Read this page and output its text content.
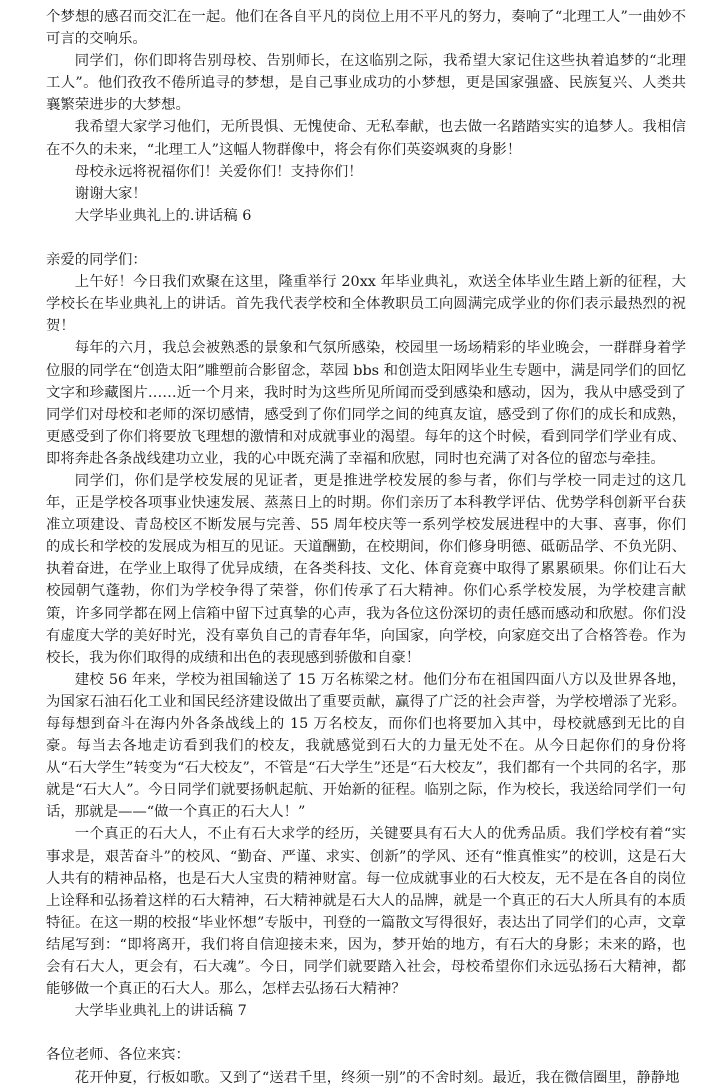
个梦想的感召而交汇在一起。他们在各自平凡的岗位上用不平凡的努力，奏响了“北理工人”一曲妙不可言的交响乐。

同学们，你们即将告别母校、告别师长，在这临别之际，我希望大家记住这些执着追梦的“北理工人”。他们孜孜不倦所追寻的梦想，是自己事业成功的小梦想，更是国家强盛、民族复兴、人类共襄繁荣进步的大梦想。

我希望大家学习他们，无所畏惧、无愧使命、无私奉献，也去做一名踏踏实实的追梦人。我相信在不久的未来，“北理工人”这幅人物群像中，将会有你们英姿飒爽的身影！

母校永远将祝福你们！关爱你们！支持你们！

谢谢大家！

大学毕业典礼上的.讲话稿 6

亲爱的同学们：

上午好！今日我们欢聚在这里，隆重举行 20xx 年毕业典礼，欢送全体毕业生踏上新的征程，大学校长在毕业典礼上的讲话。首先我代表学校和全体教职员工向圆满完成学业的你们表示最热烈的祝贺！

每年的六月，我总会被熟悉的景象和气氛所感染，校园里一场场精彩的毕业晚会，一群群身着学位服的同学在“创造太阳”雕塑前合影留念，萃园 bbs 和创造太阳网毕业生专题中，满是同学们的回忆文字和珍藏图片……近一个月来，我时时为这些所见所闻而受到感染和感动，因为，我从中感受到了同学们对母校和老师的深切感情，感受到了你们同学之间的纯真友谊，感受到了你们的成长和成熟，更感受到了你们将要放飞理想的激情和对成就事业的渴望。每年的这个时候，看到同学们学业有成、即将奔赴各条战线建功立业，我的心中既充满了幸福和欣慰，同时也充满了对各位的留恋与牵挂。

同学们，你们是学校发展的见证者，更是推进学校发展的参与者，你们与学校一同走过的这几年，正是学校各项事业快速发展、蒸蒸日上的时期。你们亲历了本科教学评估、优势学科创新平台获准立项建设、青岛校区不断发展与完善、55 周年校庆等一系列学校发展进程中的大事、喜事，你们的成长和学校的发展成为相互的见证。天道酬勤，在校期间，你们修身明德、砥砺品学、不负光阴、执着奋进，在学业上取得了优异成绩，在各类科技、文化、体育竞赛中取得了累累硕果。你们让石大校园朝气蓬勃，你们为学校争得了荣誉，你们传承了石大精神。你们心系学校发展，为学校建言献策，许多同学都在网上信箱中留下过真挚的心声，我为各位这份深切的责任感而感动和欣慰。你们没有虚度大学的美好时光，没有辜负自己的青春年华，向国家，向学校，向家庭交出了合格答卷。作为校长，我为你们取得的成绩和出色的表现感到骄傲和自豪！

建校 56 年来，学校为祖国输送了 15 万名栋梁之材。他们分布在祖国四面八方以及世界各地，为国家石油石化工业和国民经济建设做出了重要贡献，赢得了广泛的社会声誉，为学校增添了光彩。每每想到奋斗在海内外各条战线上的 15 万名校友，而你们也将要加入其中，母校就感到无比的自豪。每当去各地走访看到我们的校友，我就感觉到石大的力量无处不在。从今日起你们的身份将从“石大学生”转变为“石大校友”，不管是“石大学生”还是“石大校友”，我们都有一个共同的名字，那就是“石大人”。今日同学们就要扬帆起航、开始新的征程。临别之际，作为校长，我送给同学们一句话，那就是——“做一个真正的石大人！”

一个真正的石大人，不止有石大求学的经历，关键要具有石大人的优秀品质。我们学校有着“实事求是，艰苦奋斗”的校风、“勤奋、严谨、求实、创新”的学风、还有“惟真惟实”的校训，这是石大人共有的精神品格，也是石大人宝贵的精神财富。每一位成就事业的石大校友，无不是在各自的岗位上诠释和弘扬着这样的石大精神，石大精神就是石大人的品牌，就是一个真正的石大人所具有的本质特征。在这一期的校报“毕业怀想”专版中，刊登的一篇散文写得很好，表达出了同学们的心声，文章结尾写到：“即将离开，我们将自信迎接未来，因为，梦开始的地方，有石大的身影；未来的路，也会有石大人，更会有，石大魂”。今日，同学们就要踏入社会，母校希望你们永远弘扬石大精神，都能够做一个真正的石大人。那么，怎样去弘扬石大精神？

大学毕业典礼上的讲话稿 7

各位老师、各位来宾：

花开仲夏，行板如歌。又到了“送君千里，终须一别”的不舍时刻。最近，我在微信圈里，静静地
